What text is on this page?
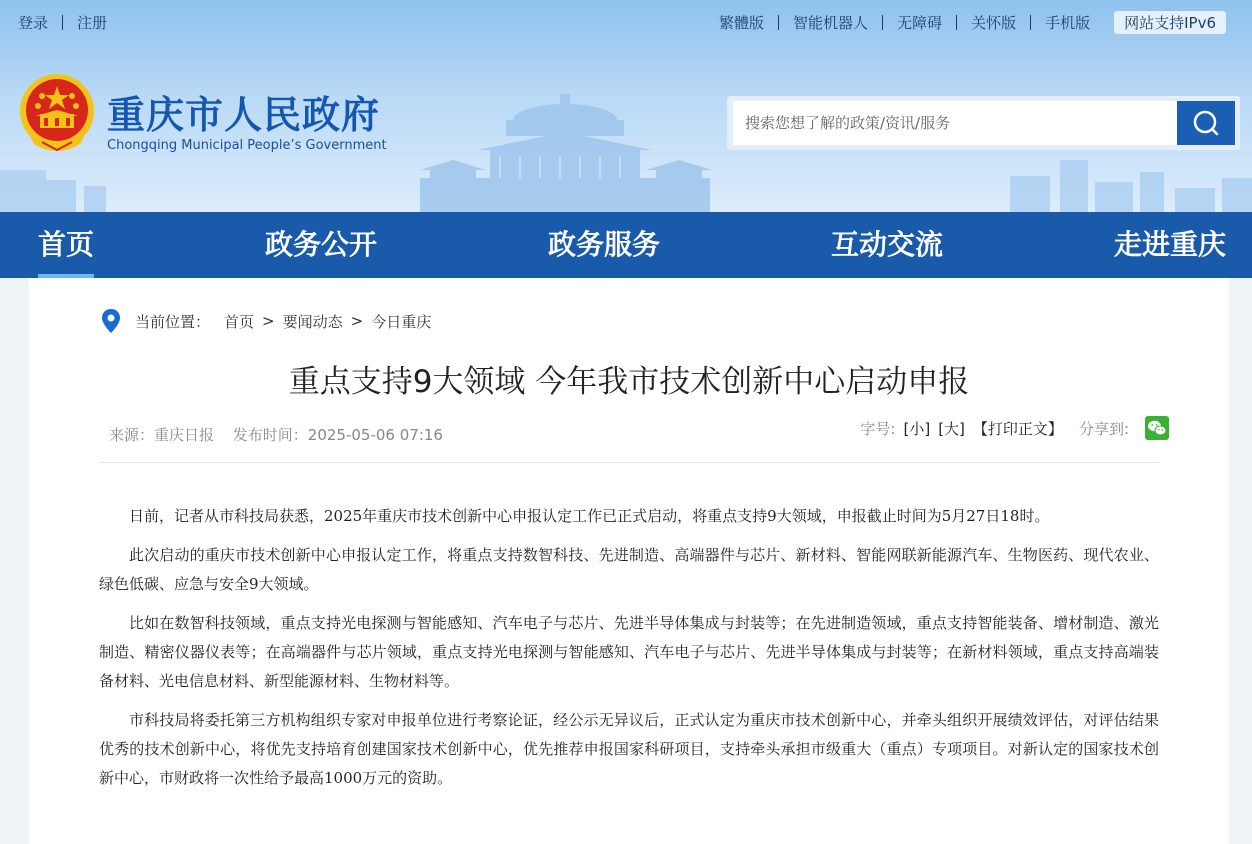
登录 注册	繁體版 智能机器人 无障碍 关怀版 手机版	网站支持IPv6
重庆市人民政府
Chongqing Municipal People’s Government
搜索您想了解的政策/资讯/服务
首页	政务公开	政务服务	互动交流	走进重庆
当前位置： 首页 > 要闻动态 > 今日重庆
重点支持9大领域 今年我市技术创新中心启动申报
来源：重庆日报 发布时间：2025-05-06 07:16	字号: [小] [大] 【打印正文】 分享到:

日前，记者从市科技局获悉，2025年重庆市技术创新中心申报认定工作已正式启动，将重点支持9大领域，申报截止时间为5月27日18时。

此次启动的重庆市技术创新中心申报认定工作，将重点支持数智科技、先进制造、高端器件与芯片、新材料、智能网联新能源汽车、生物医药、现代农业、绿色低碳、应急与安全9大领域。

比如在数智科技领域，重点支持光电探测与智能感知、汽车电子与芯片、先进半导体集成与封装等；在先进制造领域，重点支持智能装备、增材制造、激光制造、精密仪器仪表等；在高端器件与芯片领域，重点支持光电探测与智能感知、汽车电子与芯片、先进半导体集成与封装等；在新材料领域，重点支持高端装备材料、光电信息材料、新型能源材料、生物材料等。

市科技局将委托第三方机构组织专家对申报单位进行考察论证，经公示无异议后，正式认定为重庆市技术创新中心，并牵头组织开展绩效评估，对评估结果优秀的技术创新中心，将优先支持培育创建国家技术创新中心，优先推荐申报国家科研项目，支持牵头承担市级重大（重点）专项项目。对新认定的国家技术创新中心，市财政将一次性给予最高1000万元的资助。
